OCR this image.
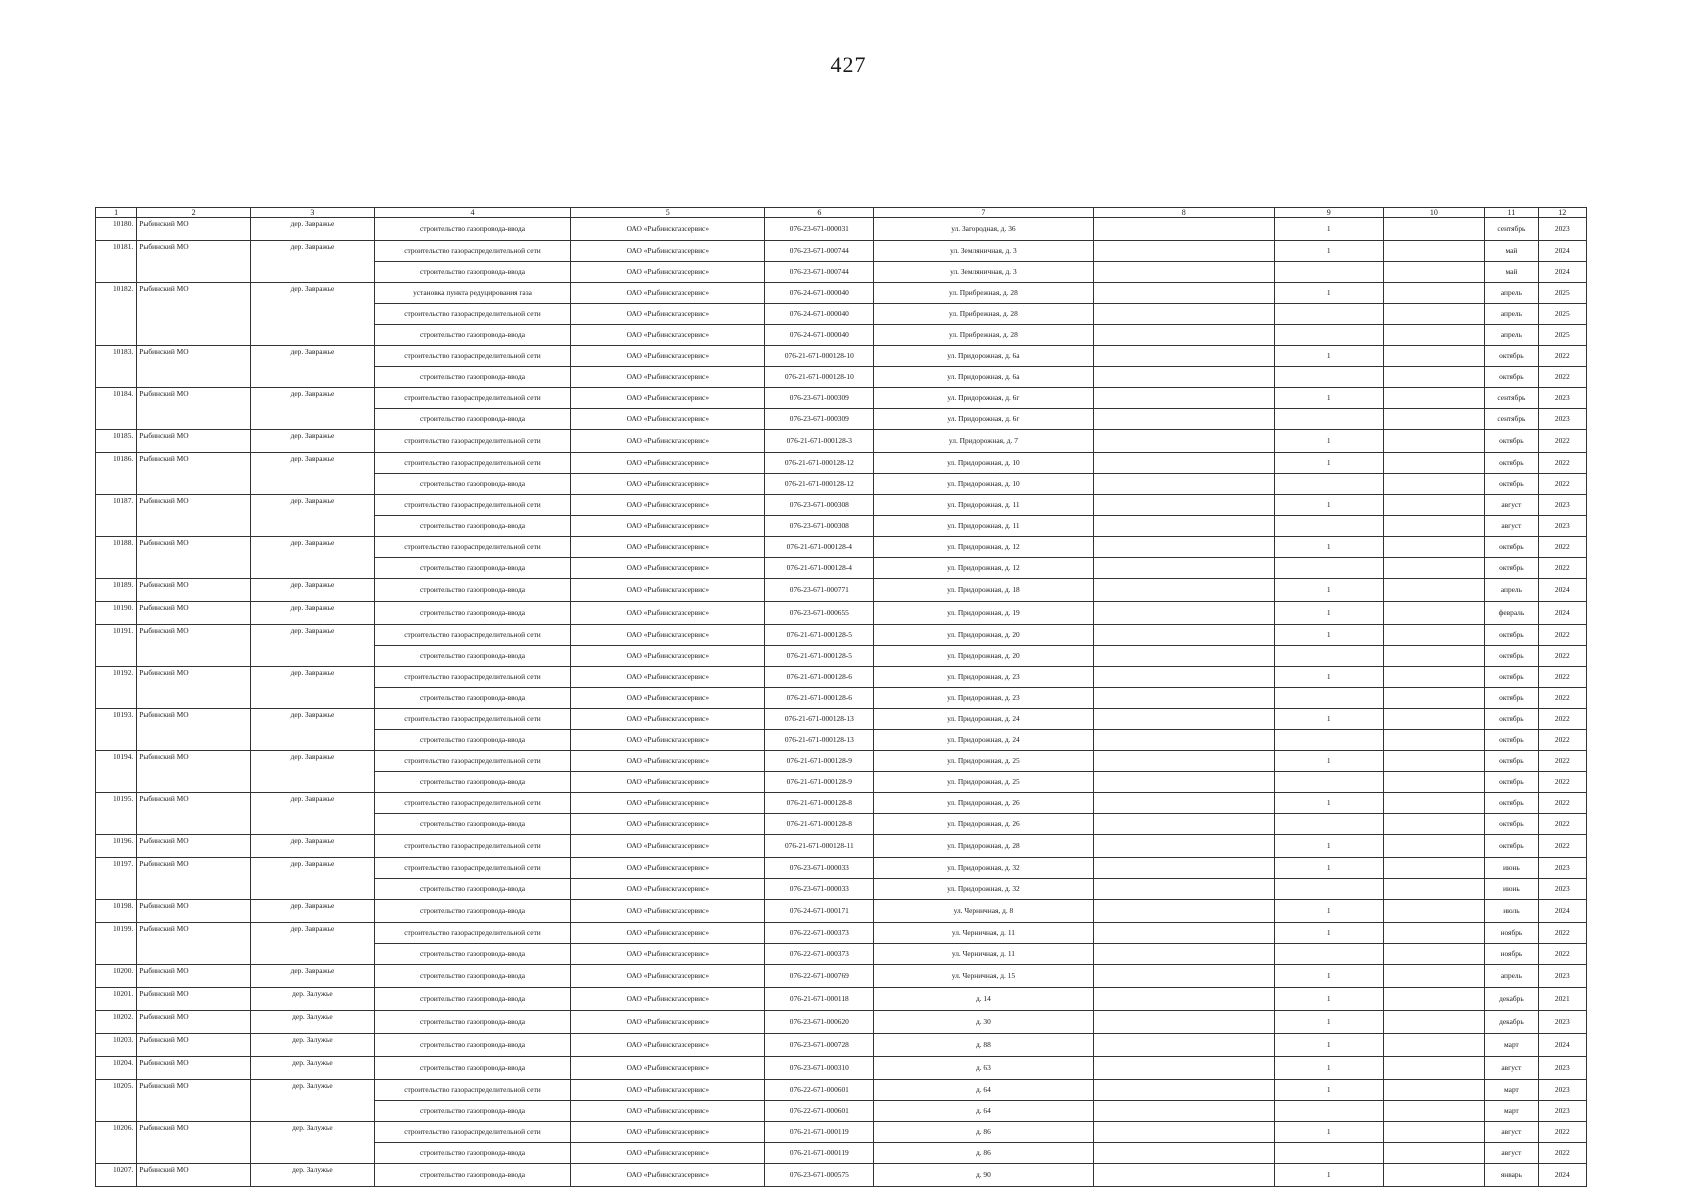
427
1	2	3	4	5	6	7	8	9	10	11	12
10180.	Рыбинский МО	дер. Завражье	строительство газопровода-ввода	ОАО «Рыбинскгазсервис»	076-23-671-000031	ул. Загородная, д. 36		1		сентябрь	2023
10181.	Рыбинский МО	дер. Завражье	строительство газораспределительной сети	ОАО «Рыбинскгазсервис»	076-23-671-000744	ул. Земляничная, д. 3		1		май	2024
			строительство газопровода-ввода	ОАО «Рыбинскгазсервис»	076-23-671-000744	ул. Земляничная, д. 3				май	2024
10182.	Рыбинский МО	дер. Завражье	установка пункта редуцирования газа	ОАО «Рыбинскгазсервис»	076-24-671-000040	ул. Прибрежная, д. 28		1		апрель	2025
			строительство газораспределительной сети	ОАО «Рыбинскгазсервис»	076-24-671-000040	ул. Прибрежная, д. 28				апрель	2025
			строительство газопровода-ввода	ОАО «Рыбинскгазсервис»	076-24-671-000040	ул. Прибрежная, д. 28				апрель	2025
10183.	Рыбинский МО	дер. Завражье	строительство газораспределительной сети	ОАО «Рыбинскгазсервис»	076-21-671-000128-10	ул. Придорожная, д. 6а		1		октябрь	2022
			строительство газопровода-ввода	ОАО «Рыбинскгазсервис»	076-21-671-000128-10	ул. Придорожная, д. 6а				октябрь	2022
10184.	Рыбинский МО	дер. Завражье	строительство газораспределительной сети	ОАО «Рыбинскгазсервис»	076-23-671-000309	ул. Придорожная, д. 6г		1		сентябрь	2023
			строительство газопровода-ввода	ОАО «Рыбинскгазсервис»	076-23-671-000309	ул. Придорожная, д. 6г				сентябрь	2023
10185.	Рыбинский МО	дер. Завражье	строительство газораспределительной сети	ОАО «Рыбинскгазсервис»	076-21-671-000128-3	ул. Придорожная, д. 7		1		октябрь	2022
10186.	Рыбинский МО	дер. Завражье	строительство газораспределительной сети	ОАО «Рыбинскгазсервис»	076-21-671-000128-12	ул. Придорожная, д. 10		1		октябрь	2022
			строительство газопровода-ввода	ОАО «Рыбинскгазсервис»	076-21-671-000128-12	ул. Придорожная, д. 10				октябрь	2022
10187.	Рыбинский МО	дер. Завражье	строительство газораспределительной сети	ОАО «Рыбинскгазсервис»	076-23-671-000308	ул. Придорожная, д. 11		1		август	2023
			строительство газопровода-ввода	ОАО «Рыбинскгазсервис»	076-23-671-000308	ул. Придорожная, д. 11				август	2023
10188.	Рыбинский МО	дер. Завражье	строительство газораспределительной сети	ОАО «Рыбинскгазсервис»	076-21-671-000128-4	ул. Придорожная, д. 12		1		октябрь	2022
			строительство газопровода-ввода	ОАО «Рыбинскгазсервис»	076-21-671-000128-4	ул. Придорожная, д. 12				октябрь	2022
10189.	Рыбинский МО	дер. Завражье	строительство газопровода-ввода	ОАО «Рыбинскгазсервис»	076-23-671-000771	ул. Придорожная, д. 18		1		апрель	2024
10190.	Рыбинский МО	дер. Завражье	строительство газопровода-ввода	ОАО «Рыбинскгазсервис»	076-23-671-000655	ул. Придорожная, д. 19		1		февраль	2024
10191.	Рыбинский МО	дер. Завражье	строительство газораспределительной сети	ОАО «Рыбинскгазсервис»	076-21-671-000128-5	ул. Придорожная, д. 20		1		октябрь	2022
			строительство газопровода-ввода	ОАО «Рыбинскгазсервис»	076-21-671-000128-5	ул. Придорожная, д. 20				октябрь	2022
10192.	Рыбинский МО	дер. Завражье	строительство газораспределительной сети	ОАО «Рыбинскгазсервис»	076-21-671-000128-6	ул. Придорожная, д. 23		1		октябрь	2022
			строительство газопровода-ввода	ОАО «Рыбинскгазсервис»	076-21-671-000128-6	ул. Придорожная, д. 23				октябрь	2022
10193.	Рыбинский МО	дер. Завражье	строительство газораспределительной сети	ОАО «Рыбинскгазсервис»	076-21-671-000128-13	ул. Придорожная, д. 24		1		октябрь	2022
			строительство газопровода-ввода	ОАО «Рыбинскгазсервис»	076-21-671-000128-13	ул. Придорожная, д. 24				октябрь	2022
10194.	Рыбинский МО	дер. Завражье	строительство газораспределительной сети	ОАО «Рыбинскгазсервис»	076-21-671-000128-9	ул. Придорожная, д. 25		1		октябрь	2022
			строительство газопровода-ввода	ОАО «Рыбинскгазсервис»	076-21-671-000128-9	ул. Придорожная, д. 25				октябрь	2022
10195.	Рыбинский МО	дер. Завражье	строительство газораспределительной сети	ОАО «Рыбинскгазсервис»	076-21-671-000128-8	ул. Придорожная, д. 26		1		октябрь	2022
			строительство газопровода-ввода	ОАО «Рыбинскгазсервис»	076-21-671-000128-8	ул. Придорожная, д. 26				октябрь	2022
10196.	Рыбинский МО	дер. Завражье	строительство газораспределительной сети	ОАО «Рыбинскгазсервис»	076-21-671-000128-11	ул. Придорожная, д. 28		1		октябрь	2022
10197.	Рыбинский МО	дер. Завражье	строительство газораспределительной сети	ОАО «Рыбинскгазсервис»	076-23-671-000033	ул. Придорожная, д. 32		1		июнь	2023
			строительство газопровода-ввода	ОАО «Рыбинскгазсервис»	076-23-671-000033	ул. Придорожная, д. 32				июнь	2023
10198.	Рыбинский МО	дер. Завражье	строительство газопровода-ввода	ОАО «Рыбинскгазсервис»	076-24-671-000171	ул. Черничная, д. 8		1		июль	2024
10199.	Рыбинский МО	дер. Завражье	строительство газораспределительной сети	ОАО «Рыбинскгазсервис»	076-22-671-000373	ул. Черничная, д. 11		1		ноябрь	2022
			строительство газопровода-ввода	ОАО «Рыбинскгазсервис»	076-22-671-000373	ул. Черничная, д. 11				ноябрь	2022
10200.	Рыбинский МО	дер. Завражье	строительство газопровода-ввода	ОАО «Рыбинскгазсервис»	076-22-671-000769	ул. Черничная, д. 15		1		апрель	2023
10201.	Рыбинский МО	дер. Залужье	строительство газопровода-ввода	ОАО «Рыбинскгазсервис»	076-21-671-000118	д. 14		1		декабрь	2021
10202.	Рыбинский МО	дер. Залужье	строительство газопровода-ввода	ОАО «Рыбинскгазсервис»	076-23-671-000620	д. 30		1		декабрь	2023
10203.	Рыбинский МО	дер. Залужье	строительство газопровода-ввода	ОАО «Рыбинскгазсервис»	076-23-671-000728	д. 88		1		март	2024
10204.	Рыбинский МО	дер. Залужье	строительство газопровода-ввода	ОАО «Рыбинскгазсервис»	076-23-671-000310	д. 63		1		август	2023
10205.	Рыбинский МО	дер. Залужье	строительство газораспределительной сети	ОАО «Рыбинскгазсервис»	076-22-671-000601	д. 64		1		март	2023
			строительство газопровода-ввода	ОАО «Рыбинскгазсервис»	076-22-671-000601	д. 64				март	2023
10206.	Рыбинский МО	дер. Залужье	строительство газораспределительной сети	ОАО «Рыбинскгазсервис»	076-21-671-000119	д. 86		1		август	2022
			строительство газопровода-ввода	ОАО «Рыбинскгазсервис»	076-21-671-000119	д. 86				август	2022
10207.	Рыбинский МО	дер. Залужье	строительство газопровода-ввода	ОАО «Рыбинскгазсервис»	076-23-671-000575	д. 90		1		январь	2024
